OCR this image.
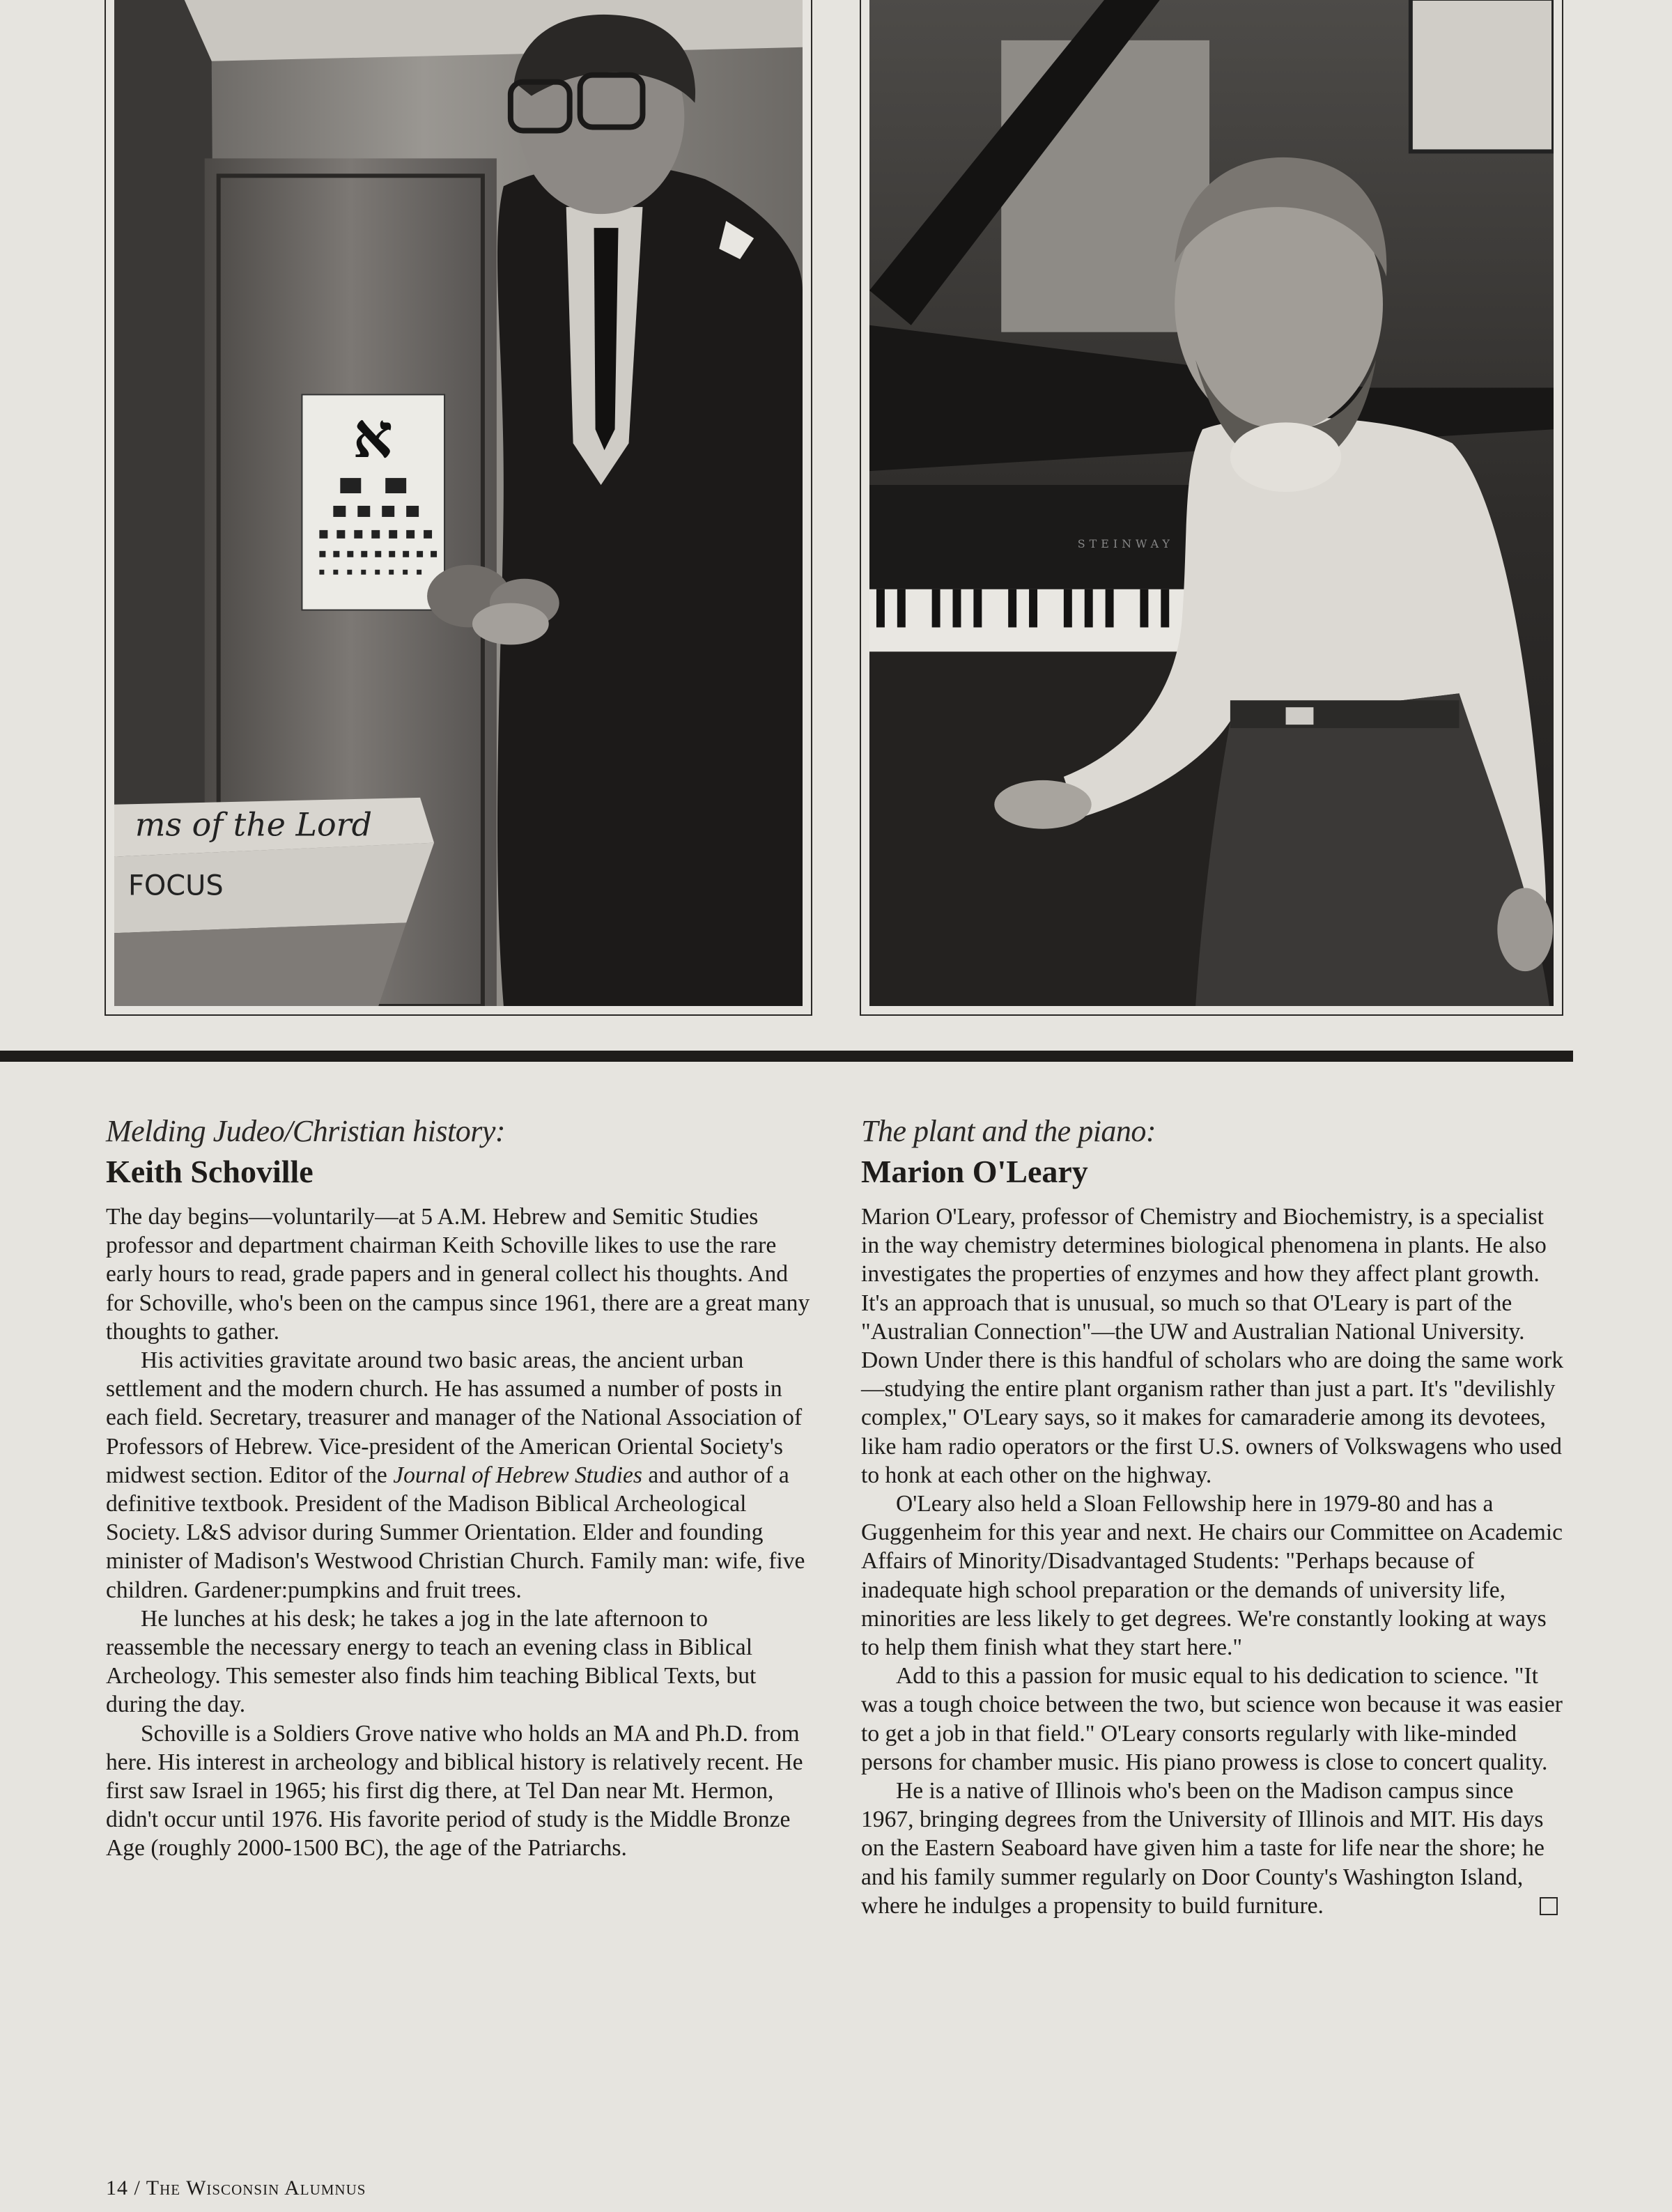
א
ms of the Lord
FOCUS
STEINWAY
Melding Judeo/Christian history:
Keith Schoville

The day begins—voluntarily—at 5 A.M. Hebrew and Semitic Studies professor and department chairman Keith Schoville likes to use the rare early hours to read, grade papers and in general collect his thoughts. And for Schoville, who's been on the campus since 1961, there are a great many thoughts to gather.

His activities gravitate around two basic areas, the ancient urban settlement and the modern church. He has assumed a number of posts in each field. Secretary, treasurer and manager of the National Association of Professors of Hebrew. Vice-president of the American Oriental Society's midwest section. Editor of the Journal of Hebrew Studies and author of a definitive textbook. President of the Madison Biblical Archeological Society. L&S advisor during Summer Orientation. Elder and founding minister of Madison's Westwood Christian Church. Family man: wife, five children. Gardener:pumpkins and fruit trees.

He lunches at his desk; he takes a jog in the late afternoon to reassemble the necessary energy to teach an evening class in Biblical Archeology. This semester also finds him teaching Biblical Texts, but during the day.

Schoville is a Soldiers Grove native who holds an MA and Ph.D. from here. His interest in archeology and biblical history is relatively recent. He first saw Israel in 1965; his first dig there, at Tel Dan near Mt. Hermon, didn't occur until 1976. His favorite period of study is the Middle Bronze Age (roughly 2000-1500 BC), the age of the Patriarchs.

The plant and the piano:
Marion O'Leary

Marion O'Leary, professor of Chemistry and Biochemistry, is a specialist in the way chemistry determines biological phenomena in plants. He also investigates the properties of enzymes and how they affect plant growth. It's an approach that is unusual, so much so that O'Leary is part of the "Australian Connection"—the UW and Australian National University. Down Under there is this handful of scholars who are doing the same work—studying the entire plant organism rather than just a part. It's "devilishly complex," O'Leary says, so it makes for camaraderie among its devotees, like ham radio operators or the first U.S. owners of Volkswagens who used to honk at each other on the highway.

O'Leary also held a Sloan Fellowship here in 1979-80 and has a Guggenheim for this year and next. He chairs our Committee on Academic Affairs of Minority/Disadvantaged Students: "Perhaps because of inadequate high school preparation or the demands of university life, minorities are less likely to get degrees. We're constantly looking at ways to help them finish what they start here."

Add to this a passion for music equal to his dedication to science. "It was a tough choice between the two, but science won because it was easier to get a job in that field." O'Leary consorts regularly with like-minded persons for chamber music. His piano prowess is close to concert quality.

He is a native of Illinois who's been on the Madison campus since 1967, bringing degrees from the University of Illinois and MIT. His days on the Eastern Seaboard have given him a taste for life near the shore; he and his family summer regularly on Door County's Washington Island, where he indulges a propensity to build furniture.

14 / The Wisconsin Alumnus
